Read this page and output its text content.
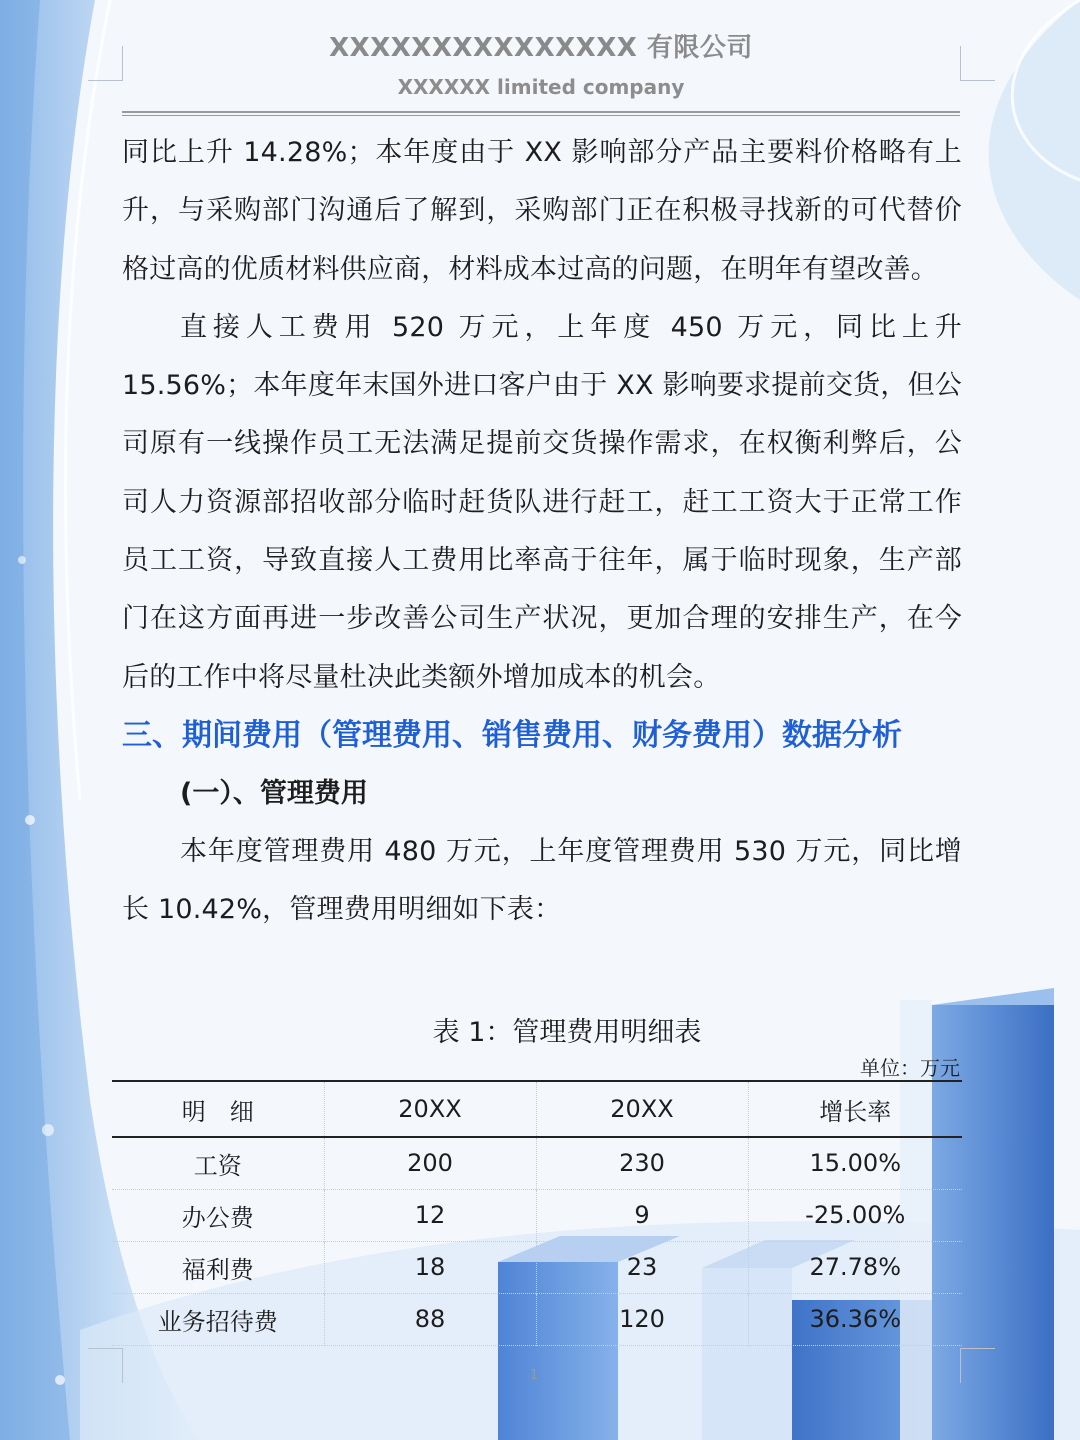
XXXXXXXXXXXXXXX 有限公司
XXXXXX limited company

同比上升 14.28%；本年度由于 XX 影响部分产品主要料价格略有上升，与采购部门沟通后了解到，采购部门正在积极寻找新的可代替价格过高的优质材料供应商，材料成本过高的问题，在明年有望改善。

直接人工费用 520 万元，上年度 450 万元，同比上升 15.56%；本年度年末国外进口客户由于 XX 影响要求提前交货，但公司原有一线操作员工无法满足提前交货操作需求，在权衡利弊后，公司人力资源部招收部分临时赶货队进行赶工，赶工工资大于正常工作员工工资，导致直接人工费用比率高于往年，属于临时现象，生产部门在这方面再进一步改善公司生产状况，更加合理的安排生产，在今后的工作中将尽量杜决此类额外增加成本的机会。

三、期间费用（管理费用、销售费用、财务费用）数据分析

(一）、管理费用

本年度管理费用 480 万元，上年度管理费用 530 万元，同比增长 10.42%，管理费用明细如下表：

表 1：管理费用明细表
单位：万元
明　细	20XX	20XX	增长率
工资	200	230	15.00%
办公费	12	9	-25.00%
福利费	18	23	27.78%
业务招待费	88	120	36.36%
1
